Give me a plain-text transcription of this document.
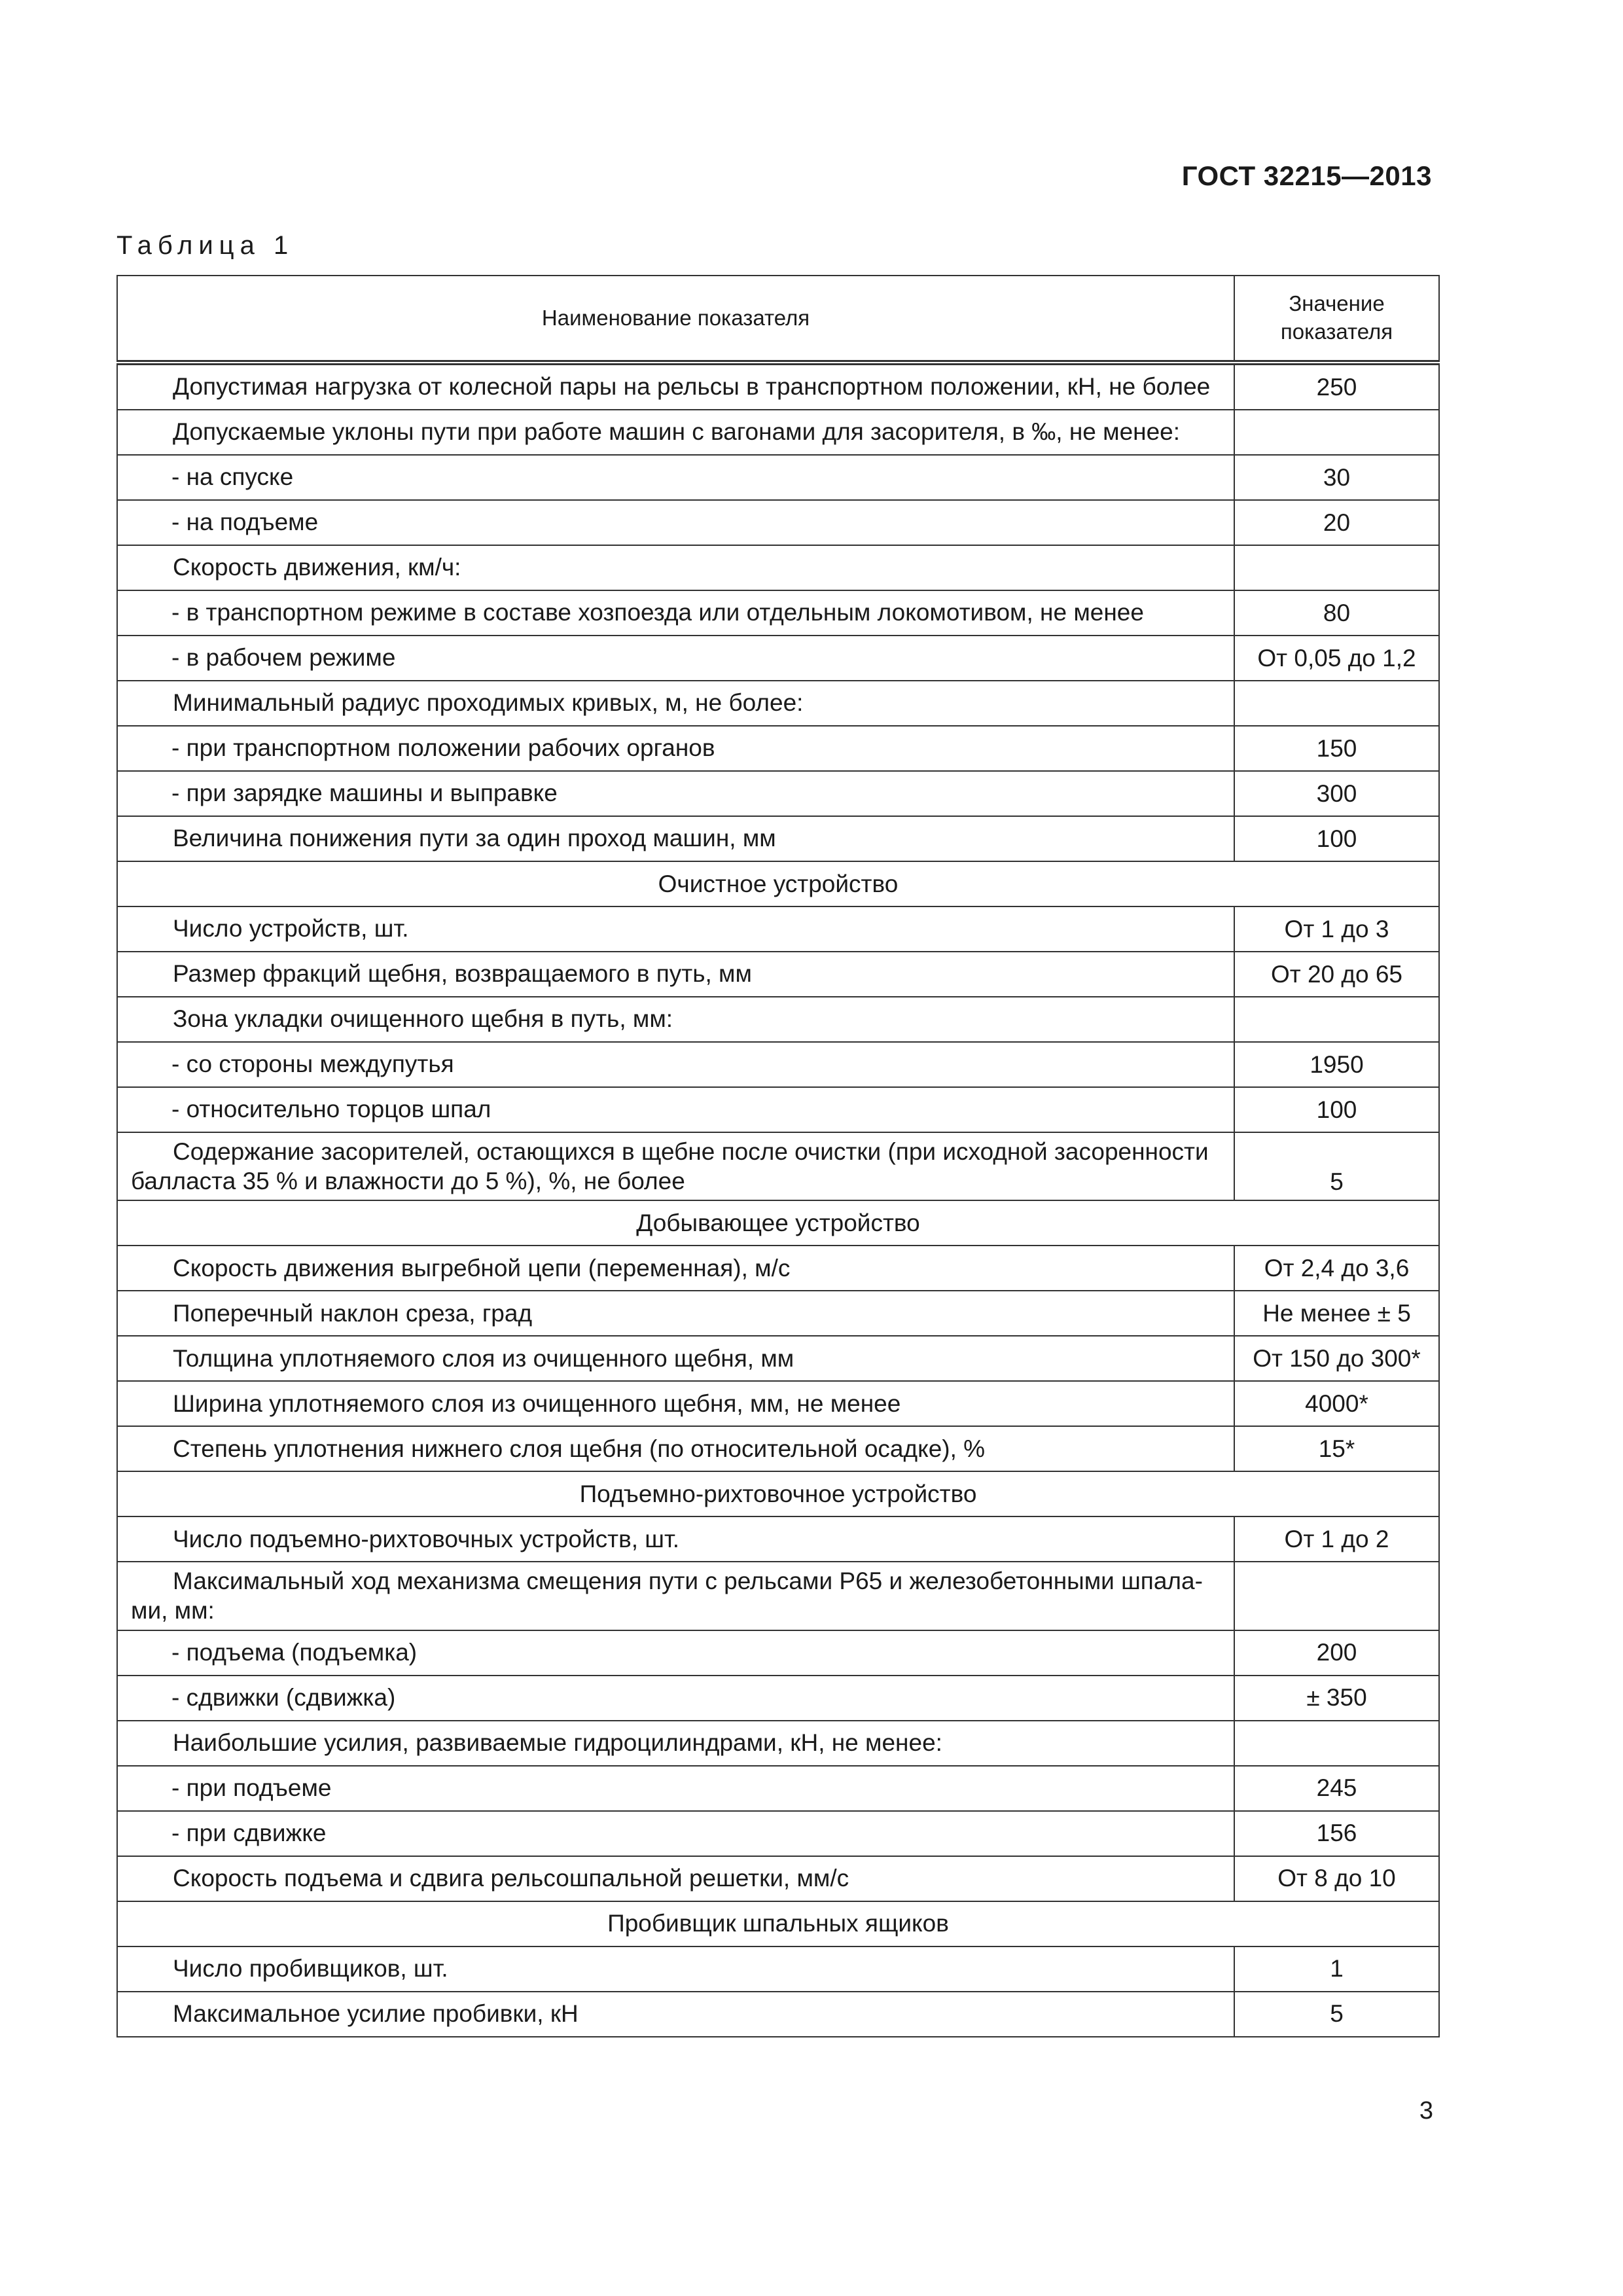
ГОСТ 32215—2013
Таблица 1
Наименование показателя	Значение
показателя
Допустимая нагрузка от колесной пары на рельсы в транспортном положении, кН, не более	250
Допускаемые уклоны пути при работе машин с вагонами для засорителя, в ‰, не менее:	
- на спуске	30
- на подъеме	20
Скорость движения, км/ч:	
- в транспортном режиме в составе хозпоезда или отдельным локомотивом, не менее	80
- в рабочем режиме	От 0,05 до 1,2
Минимальный радиус проходимых кривых, м, не более:	
- при транспортном положении рабочих органов	150
- при зарядке машины и выправке	300
Величина понижения пути за один проход машин, мм	100
Очистное устройство	
Число устройств, шт.	От 1 до 3
Размер фракций щебня, возвращаемого в путь, мм	От 20 до 65
Зона укладки очищенного щебня в путь, мм:	
- со стороны междупутья	1950
- относительно торцов шпал	100
Содержание засорителей, остающихся в щебне после очистки (при исходной засоренности балласта 35 % и влажности до 5 %), %, не более	5
Добывающее устройство	
Скорость движения выгребной цепи (переменная), м/с	От 2,4 до 3,6
Поперечный наклон среза, град	Не менее ± 5
Толщина уплотняемого слоя из очищенного щебня, мм	От 150 до 300*
Ширина уплотняемого слоя из очищенного щебня, мм, не менее	4000*
Степень уплотнения нижнего слоя щебня (по относительной осадке), %	15*
Подъемно-рихтовочное устройство	
Число подъемно-рихтовочных устройств, шт.	От 1 до 2
Максимальный ход механизма смещения пути с рельсами Р65 и железобетонными шпала-ми, мм:	
- подъема (подъемка)	200
- сдвижки (сдвижка)	± 350
Наибольшие усилия, развиваемые гидроцилиндрами, кН, не менее:	
- при подъеме	245
- при сдвижке	156
Скорость подъема и сдвига рельсошпальной решетки, мм/с	От 8 до 10
Пробивщик шпальных ящиков	
Число пробивщиков, шт.	1
Максимальное усилие пробивки, кН	5
3
